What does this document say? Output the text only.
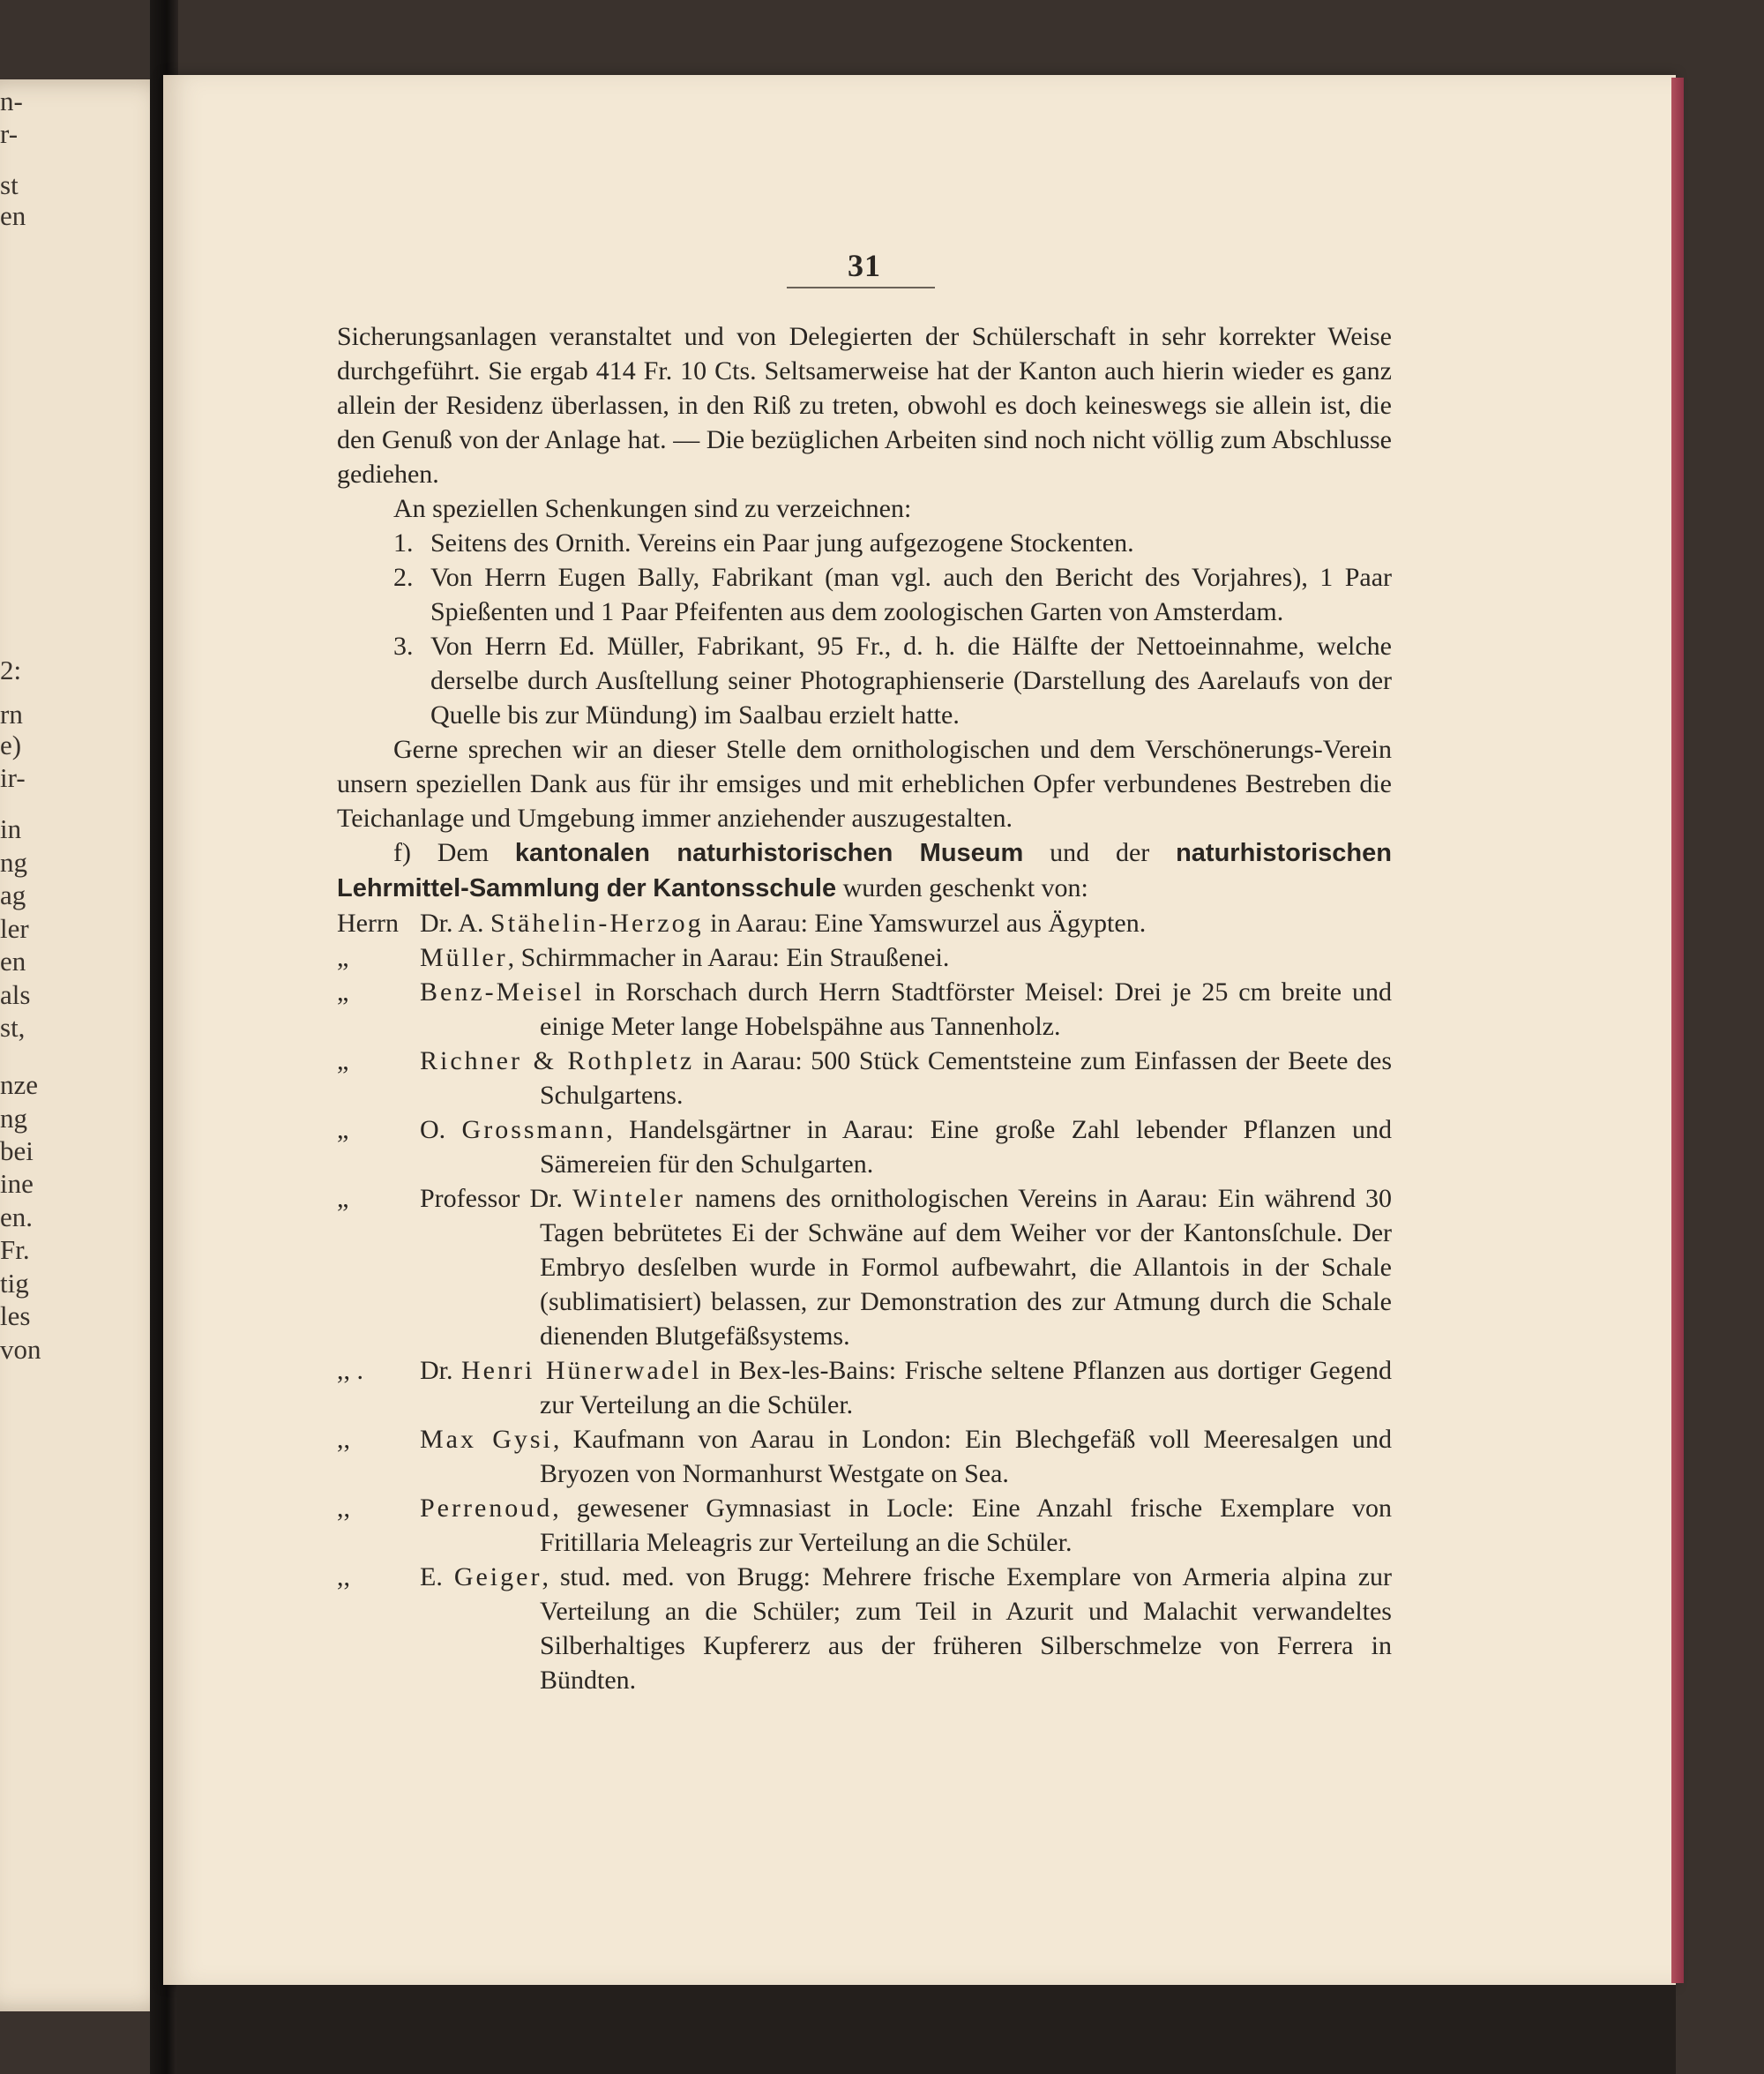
n-
r-
st
en
2:
rn
e)
ir-
in
ng
ag
ler
en
als
st,
nze
ng
bei
ine
en.
Fr.
tig
les
von
31

Sicherungsanlagen veranstaltet und von Delegierten der Schülerschaft in sehr korrekter Weise durchgeführt. Sie ergab 414 Fr. 10 Cts. Seltsamerweise hat der Kanton auch hierin wieder es ganz allein der Residenz überlassen, in den Riß zu treten, obwohl es doch keineswegs sie allein ist, die den Genuß von der Anlage hat. — Die bezüglichen Arbeiten sind noch nicht völlig zum Abschlusse gediehen.

An speziellen Schenkungen sind zu verzeichnen:

1. Seitens des Ornith. Vereins ein Paar jung aufgezogene Stockenten.
2. Von Herrn Eugen Bally, Fabrikant (man vgl. auch den Bericht des Vorjahres), 1 Paar Spießenten und 1 Paar Pfeifenten aus dem zoologischen Garten von Amsterdam.
3. Von Herrn Ed. Müller, Fabrikant, 95 Fr., d. h. die Hälfte der Nettoeinnahme, welche derselbe durch Ausſtellung seiner Photographienserie (Darstellung des Aarelaufs von der Quelle bis zur Mündung) im Saalbau erzielt hatte.

Gerne sprechen wir an dieser Stelle dem ornithologischen und dem Verschönerungs-Verein unsern speziellen Dank aus für ihr emsiges und mit erheblichen Opfer verbundenes Bestreben die Teichanlage und Umgebung immer anziehender auszugestalten.

f) Dem kantonalen naturhistorischen Museum und der naturhistorischen Lehrmittel-Sammlung der Kantonsschule wurden geschenkt von:

Herrn Dr. A. Stähelin-Herzog in Aarau: Eine Yamswurzel aus Ägypten.
„	Müller, Schirmmacher in Aarau: Ein Straußenei.
„	Benz-Meisel in Rorschach durch Herrn Stadtförster Meisel: Drei je 25 cm breite und einige Meter lange Hobelspähne aus Tannenholz.
„	Richner & Rothpletz in Aarau: 500 Stück Cementsteine zum Einfassen der Beete des Schulgartens.
„	O. Grossmann, Handelsgärtner in Aarau: Eine große Zahl lebender Pflanzen und Sämereien für den Schulgarten.
„	Professor Dr. Winteler namens des ornithologischen Vereins in Aarau: Ein während 30 Tagen bebrütetes Ei der Schwäne auf dem Weiher vor der Kantonsſchule. Der Embryo desſelben wurde in Formol aufbewahrt, die Allantois in der Schale (sublimatisiert) belassen, zur Demonstration des zur Atmung durch die Schale dienenden Blutgefäßsystems.
,, .	Dr. Henri Hünerwadel in Bex-les-Bains: Frische seltene Pflanzen aus dortiger Gegend zur Verteilung an die Schüler.
,,	Max Gysi, Kaufmann von Aarau in London: Ein Blechgefäß voll Meeresalgen und Bryozen von Normanhurst Westgate on Sea.
,,	Perrenoud, gewesener Gymnasiast in Locle: Eine Anzahl frische Exemplare von Fritillaria Meleagris zur Verteilung an die Schüler.
,,	E. Geiger, stud. med. von Brugg: Mehrere frische Exemplare von Armeria alpina zur Verteilung an die Schüler; zum Teil in Azurit und Malachit verwandeltes Silberhaltiges Kupfererz aus der früheren Silberschmelze von Ferrera in Bündten.
